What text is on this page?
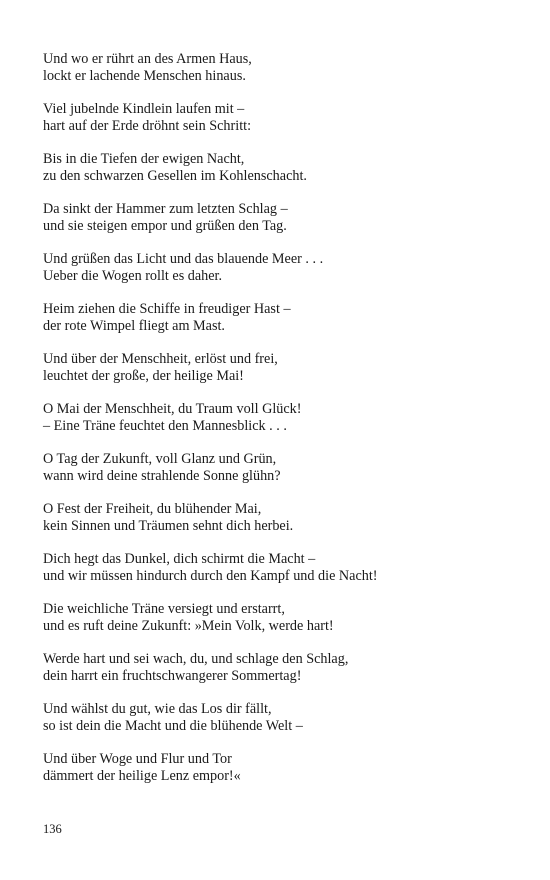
Und wo er rührt an des Armen Haus,
lockt er lachende Menschen hinaus.

Viel jubelnde Kindlein laufen mit –
hart auf der Erde dröhnt sein Schritt:

Bis in die Tiefen der ewigen Nacht,
zu den schwarzen Gesellen im Kohlenschacht.

Da sinkt der Hammer zum letzten Schlag –
und sie steigen empor und grüßen den Tag.

Und grüßen das Licht und das blauende Meer . . .
Ueber die Wogen rollt es daher.

Heim ziehen die Schiffe in freudiger Hast –
der rote Wimpel fliegt am Mast.

Und über der Menschheit, erlöst und frei,
leuchtet der große, der heilige Mai!

O Mai der Menschheit, du Traum voll Glück!
– Eine Träne feuchtet den Mannesblick . . .

O Tag der Zukunft, voll Glanz und Grün,
wann wird deine strahlende Sonne glühn?

O Fest der Freiheit, du blühender Mai,
kein Sinnen und Träumen sehnt dich herbei.

Dich hegt das Dunkel, dich schirmt die Macht –
und wir müssen hindurch durch den Kampf und die Nacht!

Die weichliche Träne versiegt und erstarrt,
und es ruft deine Zukunft: »Mein Volk, werde hart!

Werde hart und sei wach, du, und schlage den Schlag,
dein harrt ein fruchtschwangerer Sommertag!

Und wählst du gut, wie das Los dir fällt,
so ist dein die Macht und die blühende Welt –

Und über Woge und Flur und Tor
dämmert der heilige Lenz empor!«

136
